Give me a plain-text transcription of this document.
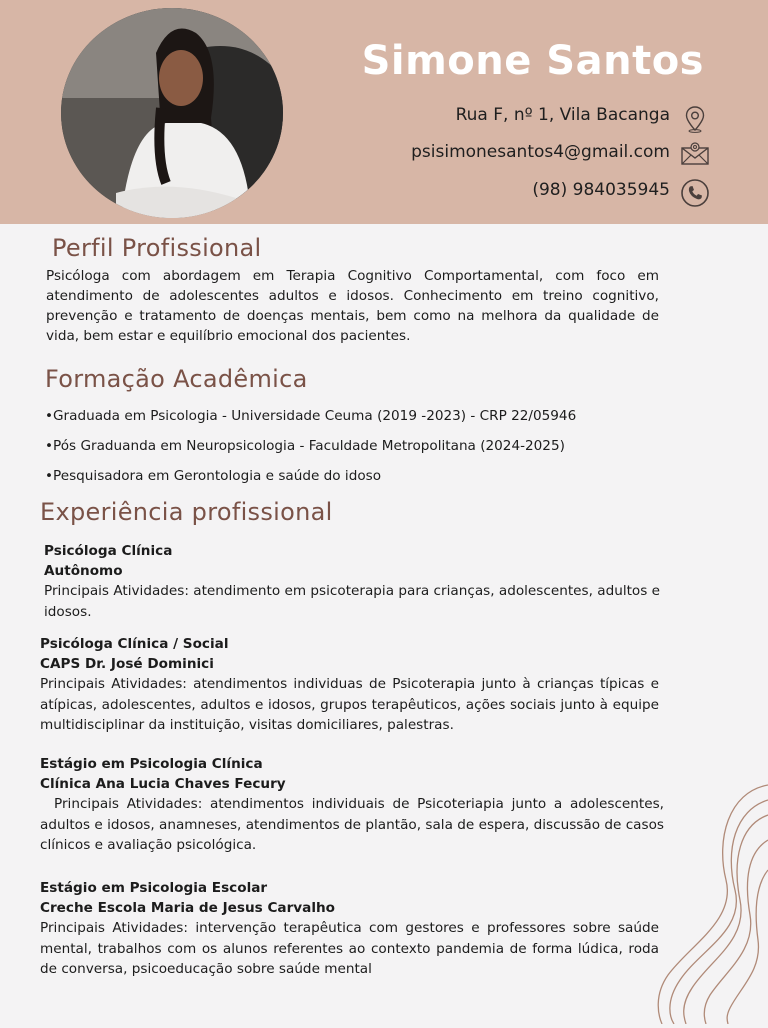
Simone Santos
Rua F, nº 1, Vila Bacanga
psisimonesantos4@gmail.com
(98) 984035945
Perfil Profissional
Psicóloga com abordagem em Terapia Cognitivo Comportamental, com foco em atendimento de adolescentes adultos e idosos. Conhecimento em treino cognitivo, prevenção e tratamento de doenças mentais, bem como na melhora da qualidade de vida, bem estar e equilíbrio emocional dos pacientes.
Formação Acadêmica
•Graduada em Psicologia - Universidade Ceuma (2019 -2023) - CRP 22/05946
•Pós Graduanda em Neuropsicologia - Faculdade Metropolitana (2024-2025)
•Pesquisadora em Gerontologia e saúde do idoso
Experiência profissional
Psicóloga Clínica
Autônomo
Principais Atividades: atendimento em psicoterapia para crianças, adolescentes, adultos e idosos.
Psicóloga Clínica / Social
CAPS Dr. José Dominici
Principais Atividades: atendimentos individuas de Psicoterapia junto à crianças típicas e atípicas, adolescentes, adultos e idosos, grupos terapêuticos, ações sociais junto à equipe multidisciplinar da instituição, visitas domiciliares, palestras.
Estágio em Psicologia Clínica
Clínica Ana Lucia Chaves Fecury
Principais Atividades: atendimentos individuais de Psicoteriapia junto a adolescentes, adultos e idosos, anamneses, atendimentos de plantão, sala de espera, discussão de casos clínicos e avaliação psicológica.
Estágio em Psicologia Escolar
Creche Escola Maria de Jesus Carvalho
Principais Atividades: intervenção terapêutica com gestores e professores sobre saúde mental, trabalhos com os alunos referentes ao contexto pandemia de forma lúdica, roda de conversa, psicoeducação sobre saúde mental
